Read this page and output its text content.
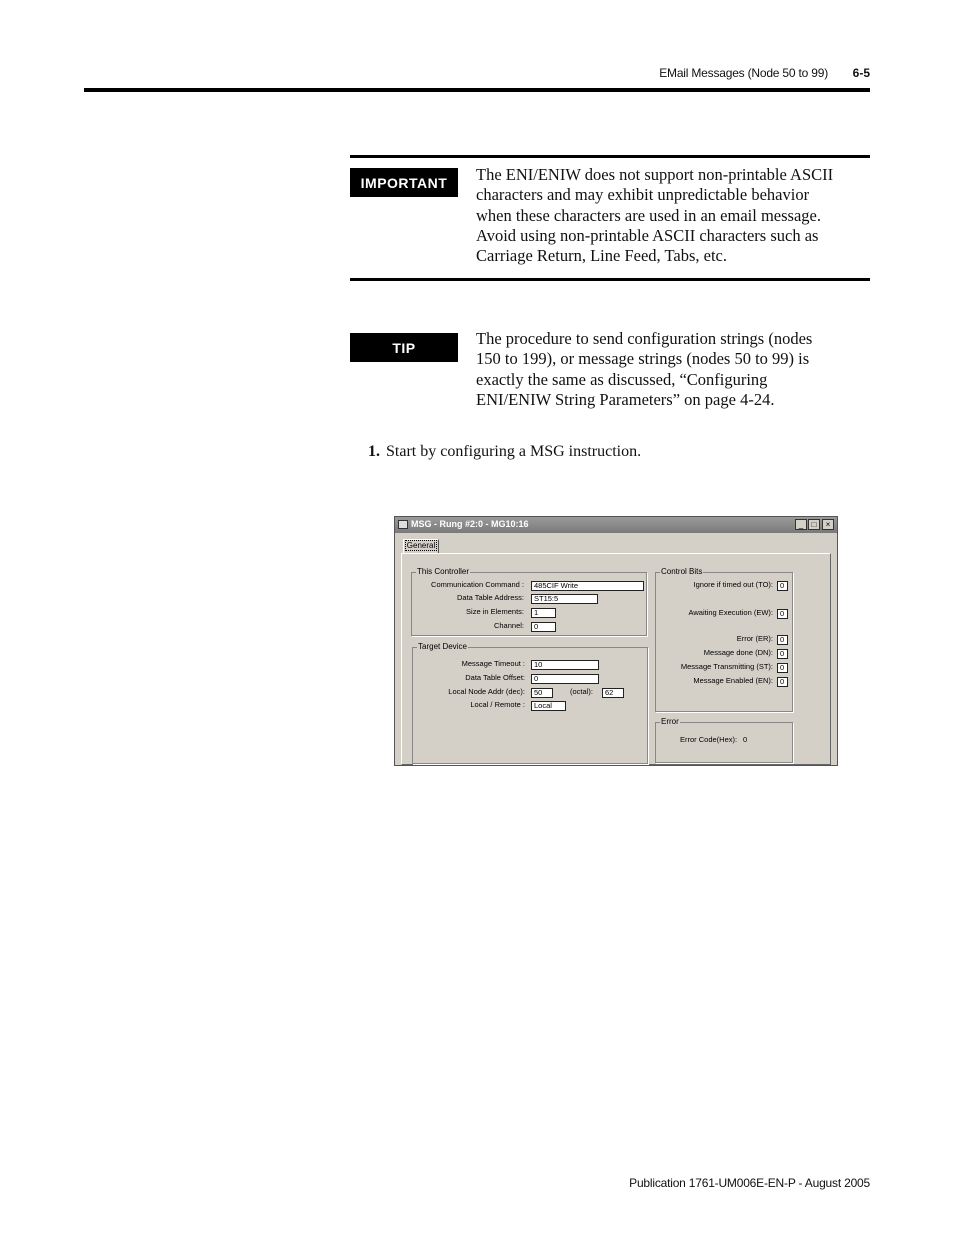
EMail Messages (Node 50 to 99)	6-5
IMPORTANT	The ENI/ENIW does not support non-printable ASCII
characters and may exhibit unpredictable behavior
when these characters are used in an email message.
Avoid using non-printable ASCII characters such as
Carriage Return, Line Feed, Tabs, etc.
TIP	The procedure to send configuration strings (nodes
150 to 199), or message strings (nodes 50 to 99) is
exactly the same as discussed, “Configuring
ENI/ENIW String Parameters” on page 4-24.
1. Start by configuring a MSG instruction.
MSG - Rung #2:0 - MG10:16	_	□	×
General
This Controller
Communication Command :	485CIF Write
Data Table Address:	ST15:5
Size in Elements:	1
Channel:	0
Target Device
Message Timeout :	10
Data Table Offset:	0
Local Node Addr (dec):	50	(octal):	62
Local / Remote :	Local
Control Bits
Ignore if timed out (TO): 0
Awaiting Execution (EW): 0
Error (ER): 0
Message done (DN): 0
Message Transmitting (ST): 0
Message Enabled (EN): 0
Error
Error Code(Hex): 0
Publication 1761-UM006E-EN-P - August 2005
